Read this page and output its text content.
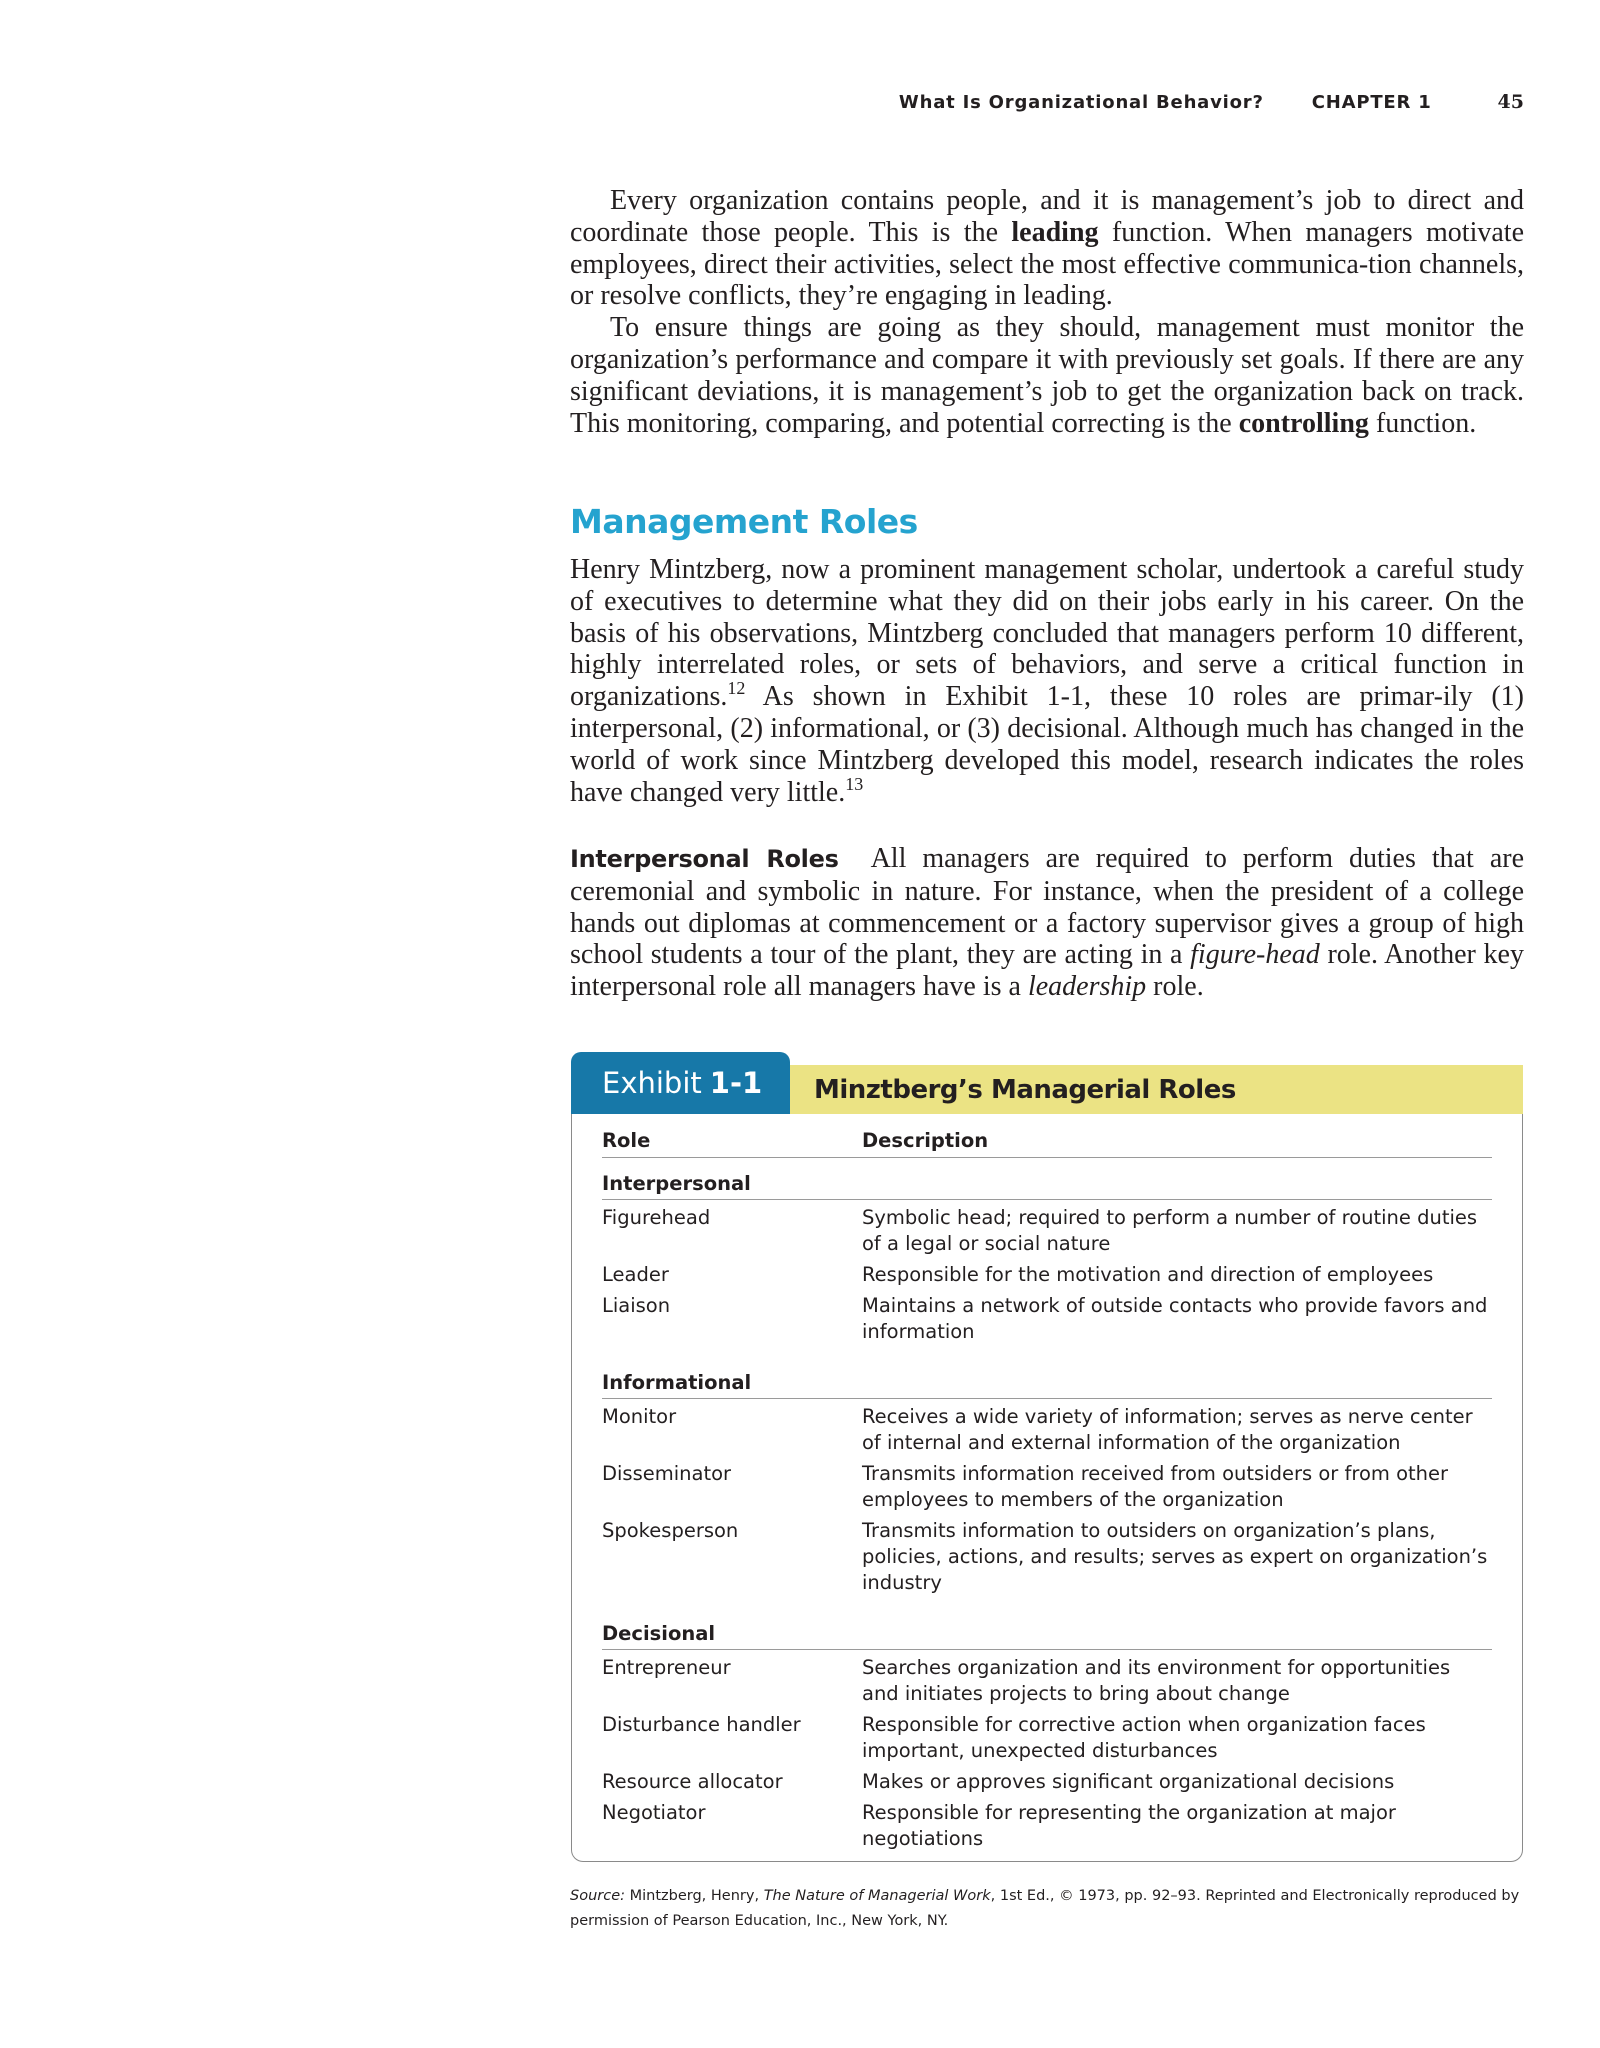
What Is Organizational Behavior?	CHAPTER 1	45

Every organization contains people, and it is management’s job to direct and coordinate those people. This is the leading function. When managers motivate employees, direct their activities, select the most effective communica-tion channels, or resolve conflicts, they’re engaging in leading.

To ensure things are going as they should, management must monitor the organization’s performance and compare it with previously set goals. If there are any significant deviations, it is management’s job to get the organization back on track. This monitoring, comparing, and potential correcting is the controlling function.

Management Roles

Henry Mintzberg, now a prominent management scholar, undertook a careful study of executives to determine what they did on their jobs early in his career. On the basis of his observations, Mintzberg concluded that managers perform 10 different, highly interrelated roles, or sets of behaviors, and serve a critical function in organizations.$^{12}$ As shown in Exhibit 1-1, these 10 roles are primar-ily (1) interpersonal, (2) informational, or (3) decisional. Although much has changed in the world of work since Mintzberg developed this model, research indicates the roles have changed very little.$^{13}$

Interpersonal Roles All managers are required to perform duties that are ceremonial and symbolic in nature. For instance, when the president of a college hands out diplomas at commencement or a factory supervisor gives a group of high school students a tour of the plant, they are acting in a figure-head role. Another key interpersonal role all managers have is a leadership role.

Exhibit 1-1	Minztberg’s Managerial Roles
Role	Description
Interpersonal
Figurehead	Symbolic head; required to perform a number of routine duties of a legal or social nature
Leader	Responsible for the motivation and direction of employees
Liaison	Maintains a network of outside contacts who provide favors and information
Informational
Monitor	Receives a wide variety of information; serves as nerve center of internal and external information of the organization
Disseminator	Transmits information received from outsiders or from other employees to members of the organization
Spokesperson	Transmits information to outsiders on organization’s plans, policies, actions, and results; serves as expert on organization’s industry
Decisional
Entrepreneur	Searches organization and its environment for opportunities and initiates projects to bring about change
Disturbance handler	Responsible for corrective action when organization faces important, unexpected disturbances
Resource allocator	Makes or approves significant organizational decisions
Negotiator	Responsible for representing the organization at major negotiations
Source: Mintzberg, Henry, The Nature of Managerial Work, 1st Ed., © 1973, pp. 92–93. Reprinted and Electronically reproduced by permission of Pearson Education, Inc., New York, NY.
